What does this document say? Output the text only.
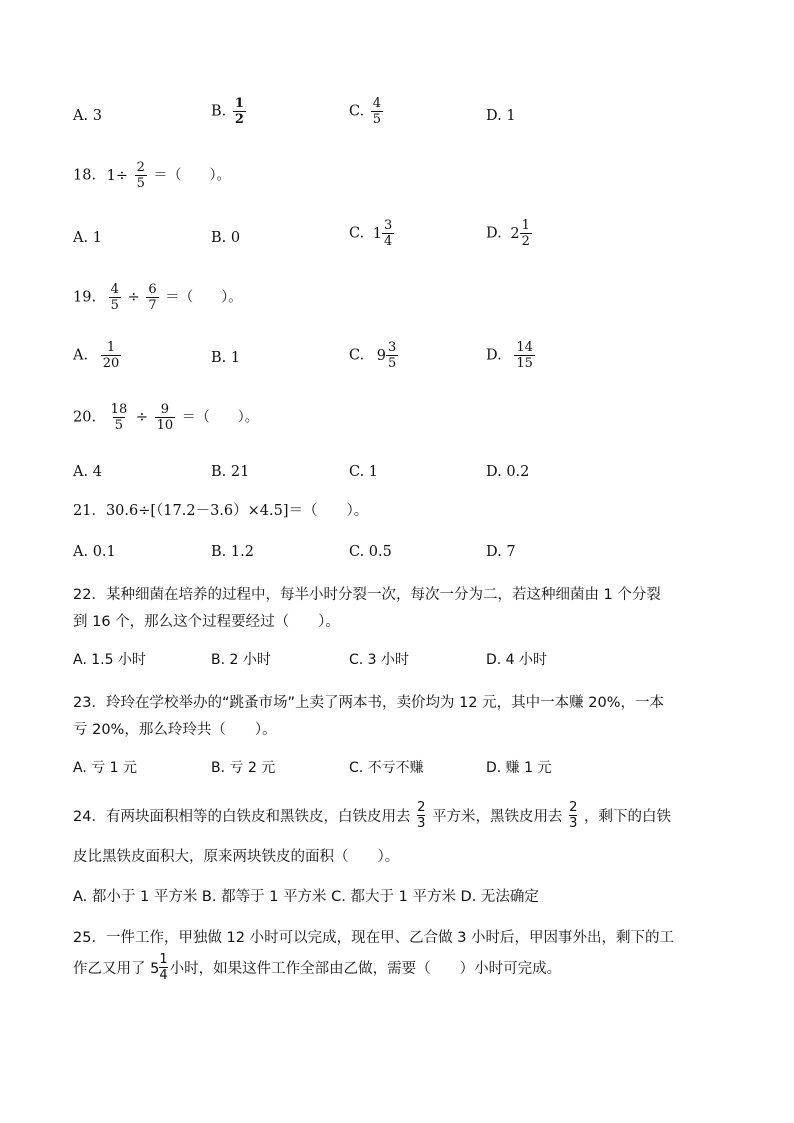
A. 3	B. $\frac{1}{2}$	C. $\frac{4}{5}$	D. 1
18. $1\div \frac{2}{5}$ ＝（　　）。
A. 1	B. 0	C. $1 \frac{3}{4}$	D. $2 \frac{1}{2}$
19. $\frac{4}{5} \div \frac{6}{7}$ ＝（　　）。
A. $\frac{1}{20}$	B. 1	C. $9 \frac{3}{5}$	D. $\frac{14}{15}$
20. $\frac{18}{5} \div \frac{9}{10}$ ＝（　　）。
A. 4	B. 21	C. 1	D. 0.2
21．30.6÷[（17.2－3.6）×4.5]＝（　　）。
A. 0.1	B. 1.2	C. 0.5	D. 7
22．某种细菌在培养的过程中，每半小时分裂一次，每次一分为二，若这种细菌由 1 个分裂
到 16 个，那么这个过程要经过（　　）。
A. 1.5 小时	B. 2 小时	C. 3 小时	D. 4 小时
23．玲玲在学校举办的“跳蚤市场”上卖了两本书，卖价均为 12 元，其中一本赚 20%，一本
亏 20%，那么玲玲共（　　）。
A. 亏 1 元	B. 亏 2 元	C. 不亏不赚	D. 赚 1 元
24．有两块面积相等的白铁皮和黑铁皮，白铁皮用去 $\frac{2}{3}$ 平方米，黑铁皮用去 $\frac{2}{3}$ ，剩下的白铁
皮比黑铁皮面积大，原来两块铁皮的面积（　　）。
A. 都小于 1 平方米 B. 都等于 1 平方米 C. 都大于 1 平方米 D. 无法确定
25．一件工作，甲独做 12 小时可以完成，现在甲、乙合做 3 小时后，甲因事外出，剩下的工
作乙又用了 $5 \frac{1}{4}$ 小时，如果这件工作全部由乙做，需要（　　）小时可完成。
